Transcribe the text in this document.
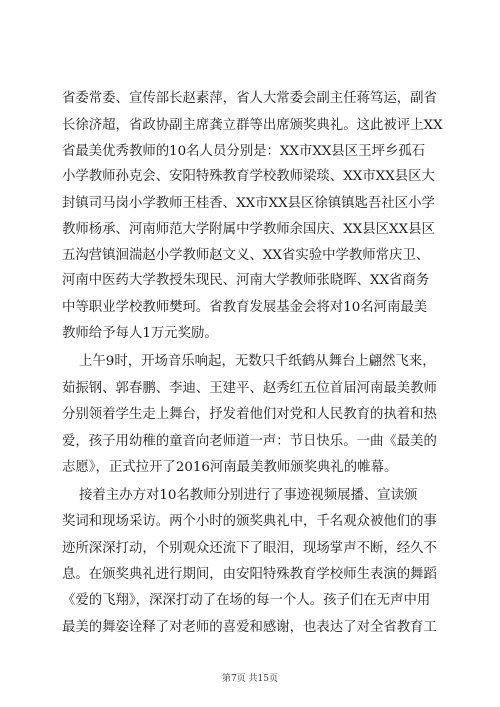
省委常委、宣传部长赵素萍，省人大常委会副主任蒋笃运，副省
长徐济超，省政协副主席龚立群等出席颁奖典礼。这此被评上XX
省最美优秀教师的10名人员分别是：XX市XX县区王坪乡孤石
小学教师孙克会、安阳特殊教育学校教师梁琰、XX市XX县区大
封镇司马岗小学教师王桂香、XX市XX县区徐镇镇匙吾社区小学
教师杨承、河南师范大学附属中学教师余国庆、XX县区XX县区
五沟营镇洄湍赵小学教师赵文义、XX省实验中学教师常庆卫、
河南中医药大学教授朱现民、河南大学教师张晓晖、XX省商务
中等职业学校教师樊珂。省教育发展基金会将对10名河南最美
教师给予每人1万元奖励。
上午9时，开场音乐响起，无数只千纸鹤从舞台上翩然飞来，
茹振钢、郭春鹏、李迪、王建平、赵秀红五位首届河南最美教师
分别领着学生走上舞台，抒发着他们对党和人民教育的执着和热
爱，孩子用幼稚的童音向老师道一声：节日快乐。一曲《最美的
志愿》，正式拉开了2016河南最美教师颁奖典礼的帷幕。
接着主办方对10名教师分别进行了事迹视频展播、宣读颁
奖词和现场采访。两个小时的颁奖典礼中，千名观众被他们的事
迹所深深打动，个别观众还流下了眼泪，现场掌声不断，经久不
息。在颁奖典礼进行期间，由安阳特殊教育学校师生表演的舞蹈
《爱的飞翔》，深深打动了在场的每一个人。孩子们在无声中用
最美的舞姿诠释了对老师的喜爱和感谢，也表达了对全省教育工
第7页 共15页
